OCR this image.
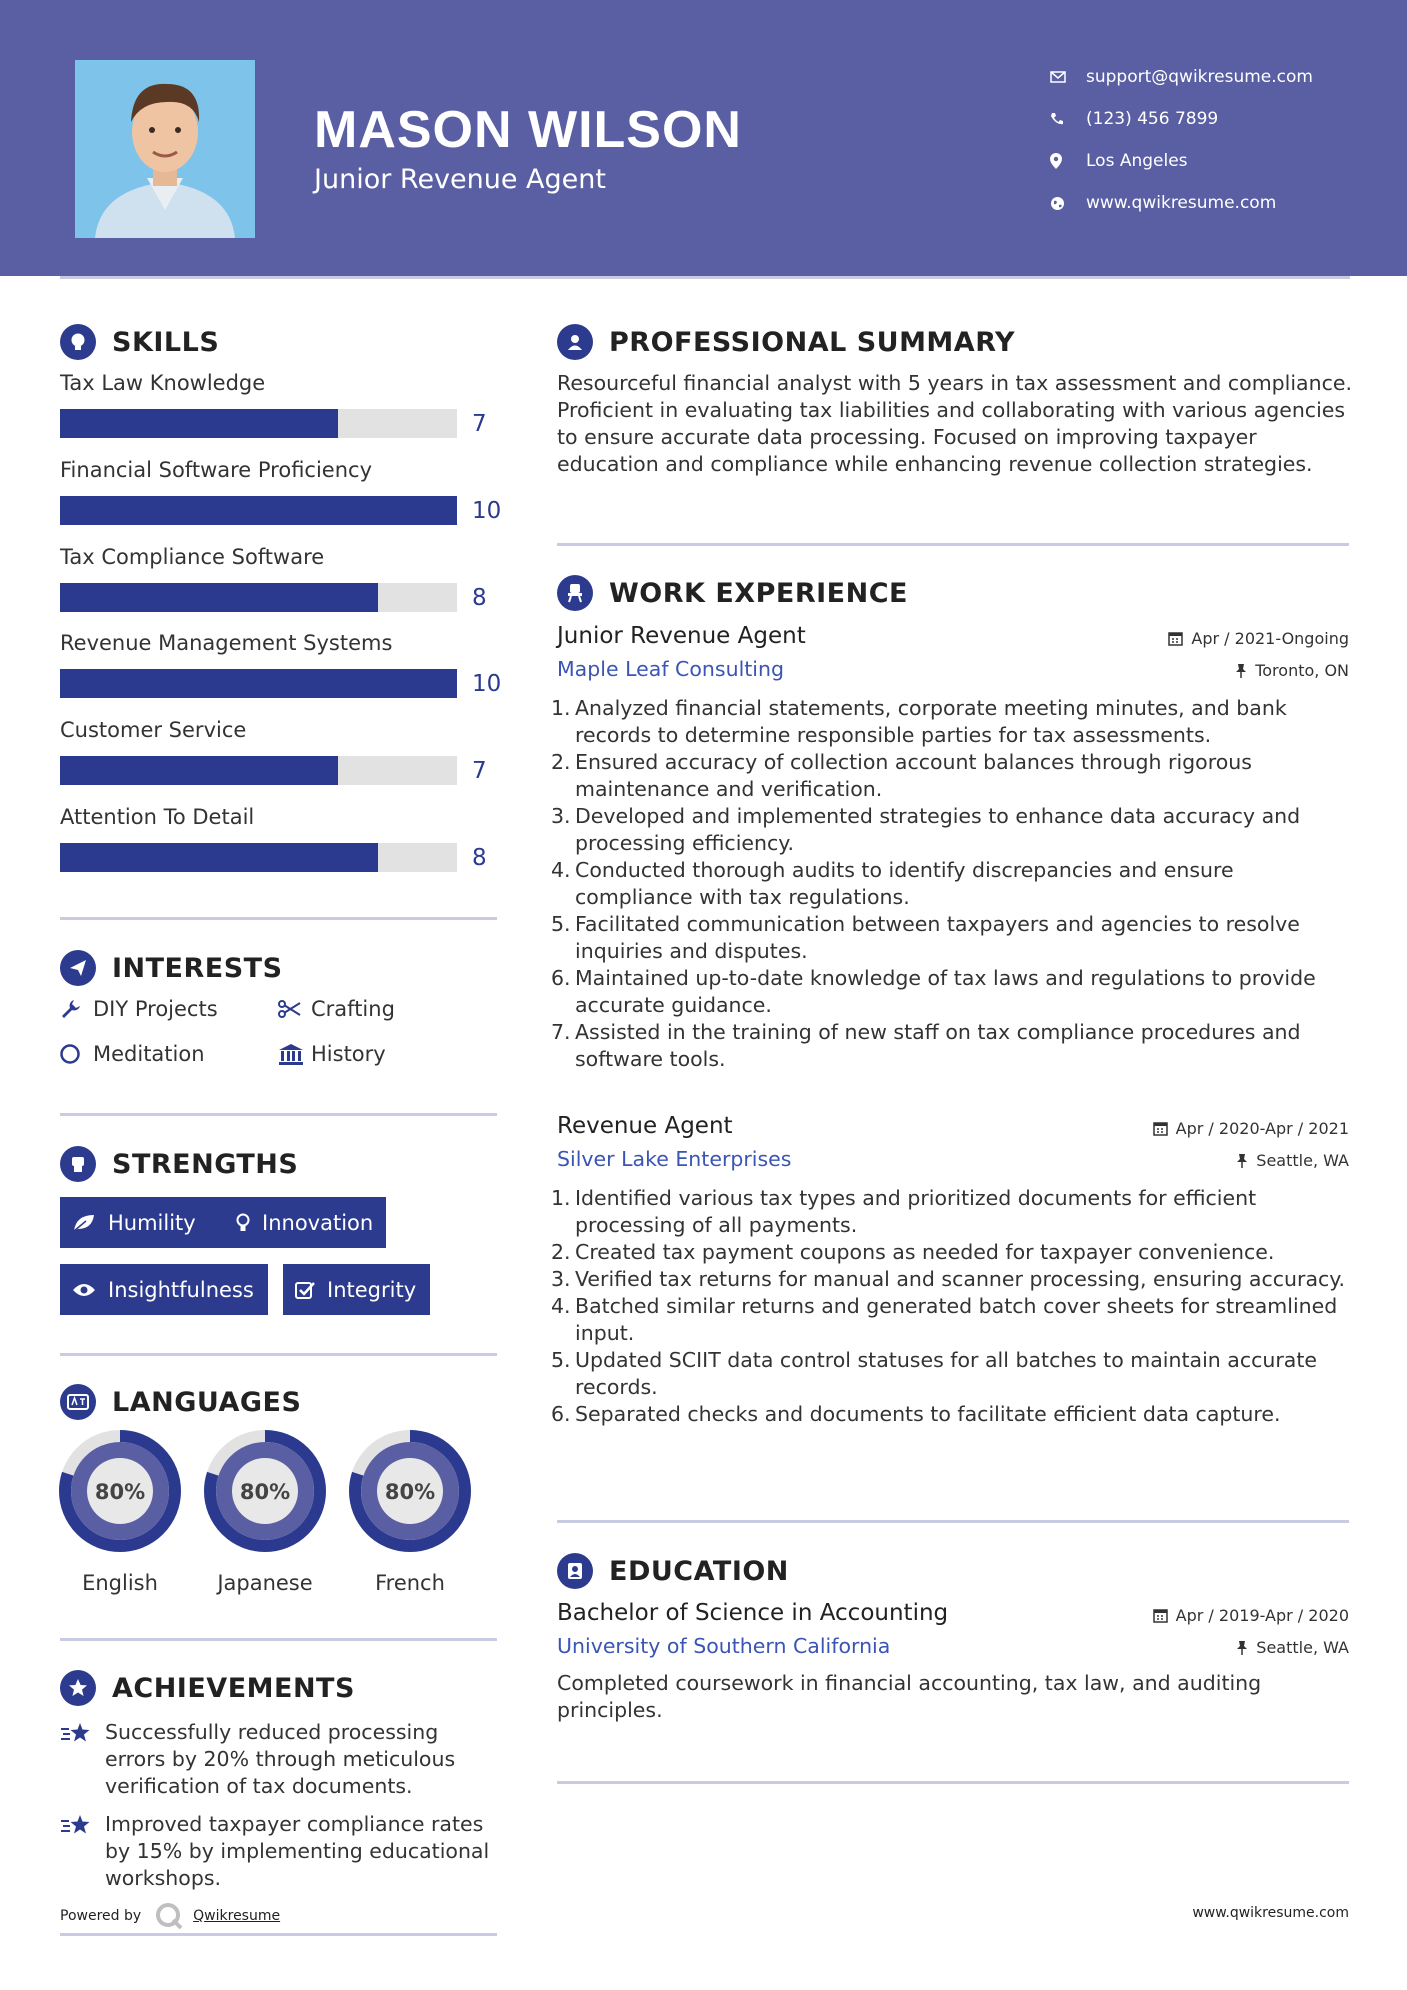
MASON WILSON
Junior Revenue Agent
support@qwikresume.com
(123) 456 7899
Los Angeles
www.qwikresume.com
SKILLS
Tax Law Knowledge
7
Financial Software Proficiency
10
Tax Compliance Software
8
Revenue Management Systems
10
Customer Service
7
Attention To Detail
8
INTERESTS
DIY Projects	Crafting
Meditation	History
STRENGTHS
Humility	Innovation
Insightfulness	Integrity
LANGUAGES
80%
English
80%
Japanese
80%
French
ACHIEVEMENTS
Successfully reduced processing errors by 20% through meticulous verification of tax documents.
Improved taxpayer compliance rates by 15% by implementing educational workshops.
Powered by	Qwikresume	www.qwikresume.com
PROFESSIONAL SUMMARY
Resourceful financial analyst with 5 years in tax assessment and compliance. Proficient in evaluating tax liabilities and collaborating with various agencies to ensure accurate data processing. Focused on improving taxpayer education and compliance while enhancing revenue collection strategies.
WORK EXPERIENCE
Junior Revenue Agent
Maple Leaf Consulting
Apr / 2021-Ongoing
Toronto, ON
1. Analyzed financial statements, corporate meeting minutes, and bank records to determine responsible parties for tax assessments.
2. Ensured accuracy of collection account balances through rigorous maintenance and verification.
3. Developed and implemented strategies to enhance data accuracy and processing efficiency.
4. Conducted thorough audits to identify discrepancies and ensure compliance with tax regulations.
5. Facilitated communication between taxpayers and agencies to resolve inquiries and disputes.
6. Maintained up-to-date knowledge of tax laws and regulations to provide accurate guidance.
7. Assisted in the training of new staff on tax compliance procedures and software tools.
Revenue Agent
Silver Lake Enterprises
Apr / 2020-Apr / 2021
Seattle, WA
1. Identified various tax types and prioritized documents for efficient processing of all payments.
2. Created tax payment coupons as needed for taxpayer convenience.
3. Verified tax returns for manual and scanner processing, ensuring accuracy.
4. Batched similar returns and generated batch cover sheets for streamlined input.
5. Updated SCIIT data control statuses for all batches to maintain accurate records.
6. Separated checks and documents to facilitate efficient data capture.
EDUCATION
Bachelor of Science in Accounting
University of Southern California
Apr / 2019-Apr / 2020
Seattle, WA
Completed coursework in financial accounting, tax law, and auditing principles.
